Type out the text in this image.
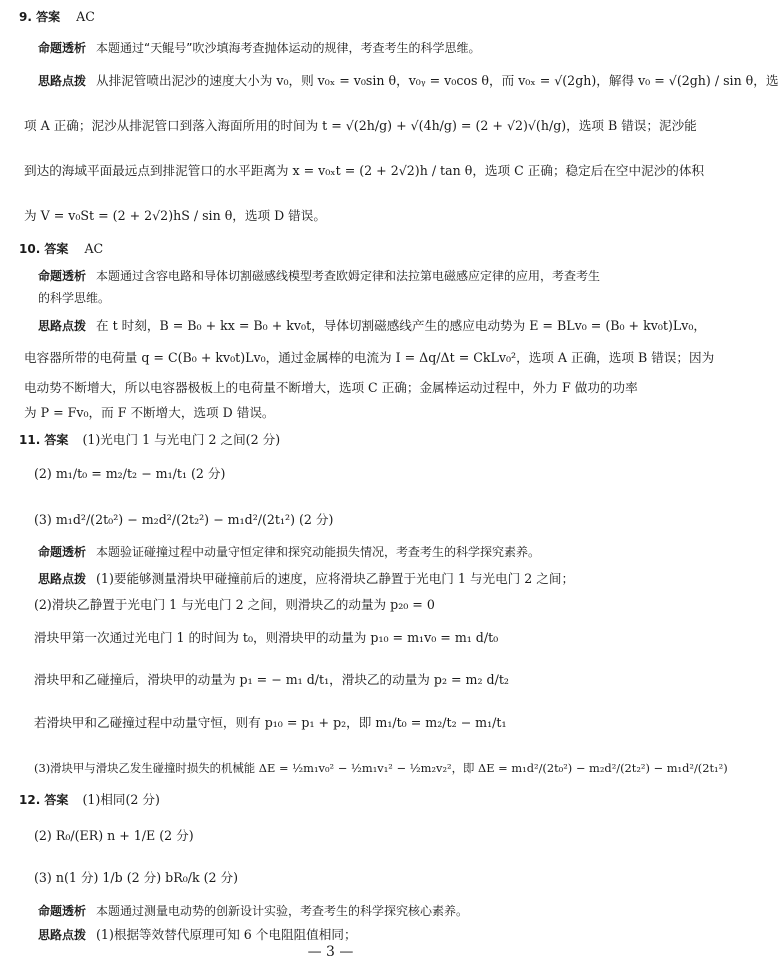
9. 答案 AC
命题透析 本题通过“天鲲号”吹沙填海考查抛体运动的规律，考查考生的科学思维。
思路点拨 从排泥管喷出泥沙的速度大小为 v₀，则 v₀ₓ = v₀sin θ，v₀ᵧ = v₀cos θ，而 v₀ₓ = √(2gh)，解得 v₀ = √(2gh) / sin θ，选
项 A 正确；泥沙从排泥管口到落入海面所用的时间为 t = √(2h/g) + √(4h/g) = (2 + √2)√(h/g)，选项 B 错误；泥沙能
到达的海域平面最远点到排泥管口的水平距离为 x = v₀ₓt = (2 + 2√2)h / tan θ，选项 C 正确；稳定后在空中泥沙的体积
为 V = v₀St = (2 + 2√2)hS / sin θ，选项 D 错误。
10. 答案 AC
命题透析 本题通过含容电路和导体切割磁感线模型考查欧姆定律和法拉第电磁感应定律的应用，考查考生
的科学思维。
思路点拨 在 t 时刻，B = B₀ + kx = B₀ + kv₀t，导体切割磁感线产生的感应电动势为 E = BLv₀ = (B₀ + kv₀t)Lv₀，
电容器所带的电荷量 q = C(B₀ + kv₀t)Lv₀，通过金属棒的电流为 I = Δq/Δt = CkLv₀²，选项 A 正确，选项 B 错误；因为
电动势不断增大，所以电容器极板上的电荷量不断增大，选项 C 正确；金属棒运动过程中，外力 F 做功的功率
为 P = Fv₀，而 F 不断增大，选项 D 错误。
11. 答案 (1)光电门 1 与光电门 2 之间(2 分)
(2) m₁/t₀ = m₂/t₂ − m₁/t₁ (2 分)
(3) m₁d²/(2t₀²) − m₂d²/(2t₂²) − m₁d²/(2t₁²) (2 分)
命题透析 本题验证碰撞过程中动量守恒定律和探究动能损失情况，考查考生的科学探究素养。
思路点拨 (1)要能够测量滑块甲碰撞前后的速度，应将滑块乙静置于光电门 1 与光电门 2 之间；
(2)滑块乙静置于光电门 1 与光电门 2 之间，则滑块乙的动量为 p₂₀ = 0
滑块甲第一次通过光电门 1 的时间为 t₀，则滑块甲的动量为 p₁₀ = m₁v₀ = m₁ d/t₀
滑块甲和乙碰撞后，滑块甲的动量为 p₁ = − m₁ d/t₁，滑块乙的动量为 p₂ = m₂ d/t₂
若滑块甲和乙碰撞过程中动量守恒，则有 p₁₀ = p₁ + p₂，即 m₁/t₀ = m₂/t₂ − m₁/t₁
(3)滑块甲与滑块乙发生碰撞时损失的机械能 ΔE = ½m₁v₀² − ½m₁v₁² − ½m₂v₂²，即 ΔE = m₁d²/(2t₀²) − m₂d²/(2t₂²) − m₁d²/(2t₁²)
12. 答案 (1)相同(2 分)
(2) R₀/(ER) n + 1/E (2 分)
(3) n(1 分) 1/b (2 分) bR₀/k (2 分)
命题透析 本题通过测量电动势的创新设计实验，考查考生的科学探究核心素养。
思路点拨 (1)根据等效替代原理可知 6 个电阻阻值相同；
— 3 —
